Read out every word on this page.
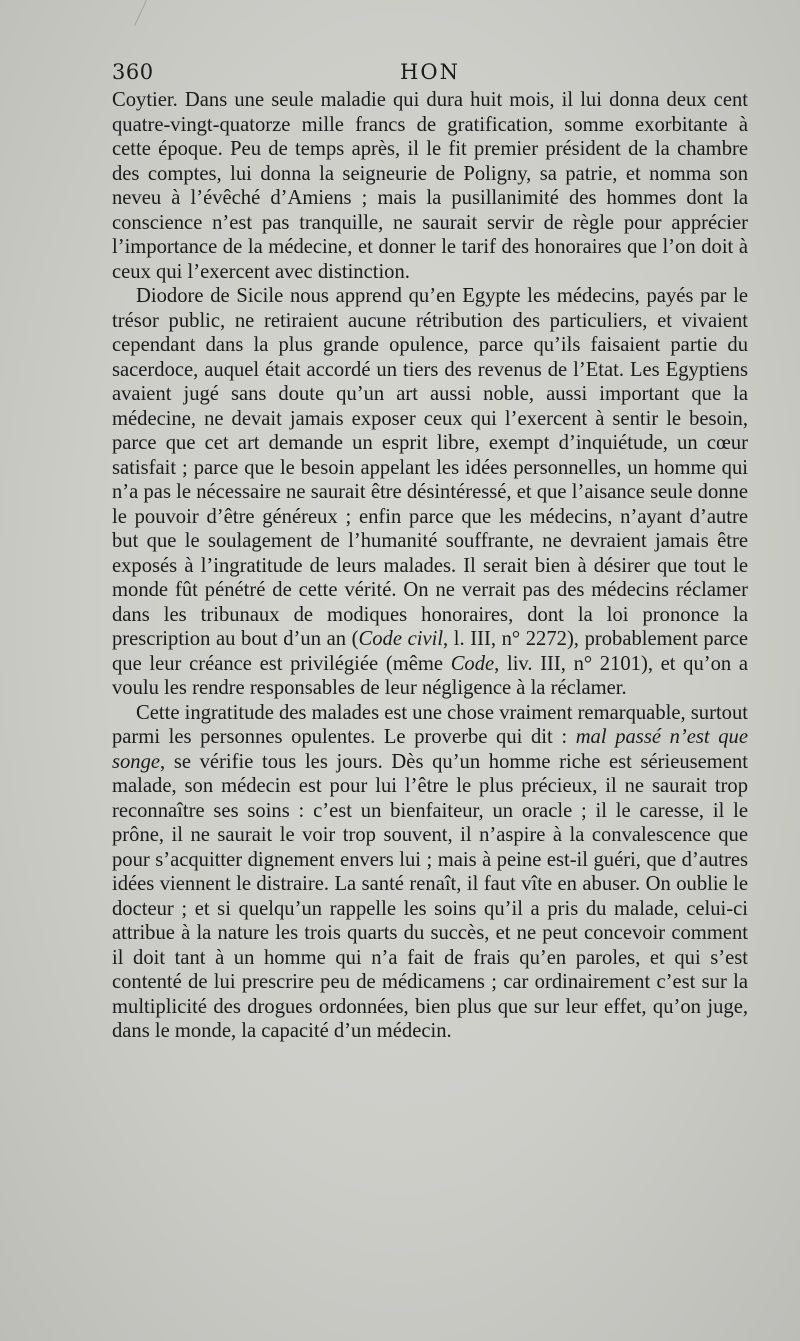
360	HON

Coytier. Dans une seule maladie qui dura huit mois, il lui donna deux cent quatre-vingt-quatorze mille francs de gratification, somme exorbitante à cette époque. Peu de temps après, il le fit premier président de la chambre des comptes, lui donna la seigneurie de Poligny, sa patrie, et nomma son neveu à l’évêché d’Amiens ; mais la pusillanimité des hommes dont la conscience n’est pas tranquille, ne saurait servir de règle pour apprécier l’importance de la médecine, et donner le tarif des honoraires que l’on doit à ceux qui l’exercent avec distinction.

Diodore de Sicile nous apprend qu’en Egypte les médecins, payés par le trésor public, ne retiraient aucune rétribution des particuliers, et vivaient cependant dans la plus grande opulence, parce qu’ils faisaient partie du sacerdoce, auquel était accordé un tiers des revenus de l’Etat. Les Egyptiens avaient jugé sans doute qu’un art aussi noble, aussi important que la médecine, ne devait jamais exposer ceux qui l’exercent à sentir le besoin, parce que cet art demande un esprit libre, exempt d’inquiétude, un cœur satisfait ; parce que le besoin appelant les idées personnelles, un homme qui n’a pas le nécessaire ne saurait être désintéressé, et que l’aisance seule donne le pouvoir d’être généreux ; enfin parce que les médecins, n’ayant d’autre but que le soulagement de l’humanité souffrante, ne devraient jamais être exposés à l’ingratitude de leurs malades. Il serait bien à désirer que tout le monde fût pénétré de cette vérité. On ne verrait pas des médecins réclamer dans les tribunaux de modiques honoraires, dont la loi prononce la prescription au bout d’un an (Code civil, l. III, n° 2272), probablement parce que leur créance est privilégiée (même Code, liv. III, n° 2101), et qu’on a voulu les rendre responsables de leur négligence à la réclamer.

Cette ingratitude des malades est une chose vraiment remarquable, surtout parmi les personnes opulentes. Le proverbe qui dit : mal passé n’est que songe, se vérifie tous les jours. Dès qu’un homme riche est sérieusement malade, son médecin est pour lui l’être le plus précieux, il ne saurait trop reconnaître ses soins : c’est un bienfaiteur, un oracle ; il le caresse, il le prône, il ne saurait le voir trop souvent, il n’aspire à la convalescence que pour s’acquitter dignement envers lui ; mais à peine est-il guéri, que d’autres idées viennent le distraire. La santé renaît, il faut vîte en abuser. On oublie le docteur ; et si quelqu’un rappelle les soins qu’il a pris du malade, celui-ci attribue à la nature les trois quarts du succès, et ne peut concevoir comment il doit tant à un homme qui n’a fait de frais qu’en paroles, et qui s’est contenté de lui prescrire peu de médicamens ; car ordinairement c’est sur la multiplicité des drogues ordonnées, bien plus que sur leur effet, qu’on juge, dans le monde, la capacité d’un médecin.
